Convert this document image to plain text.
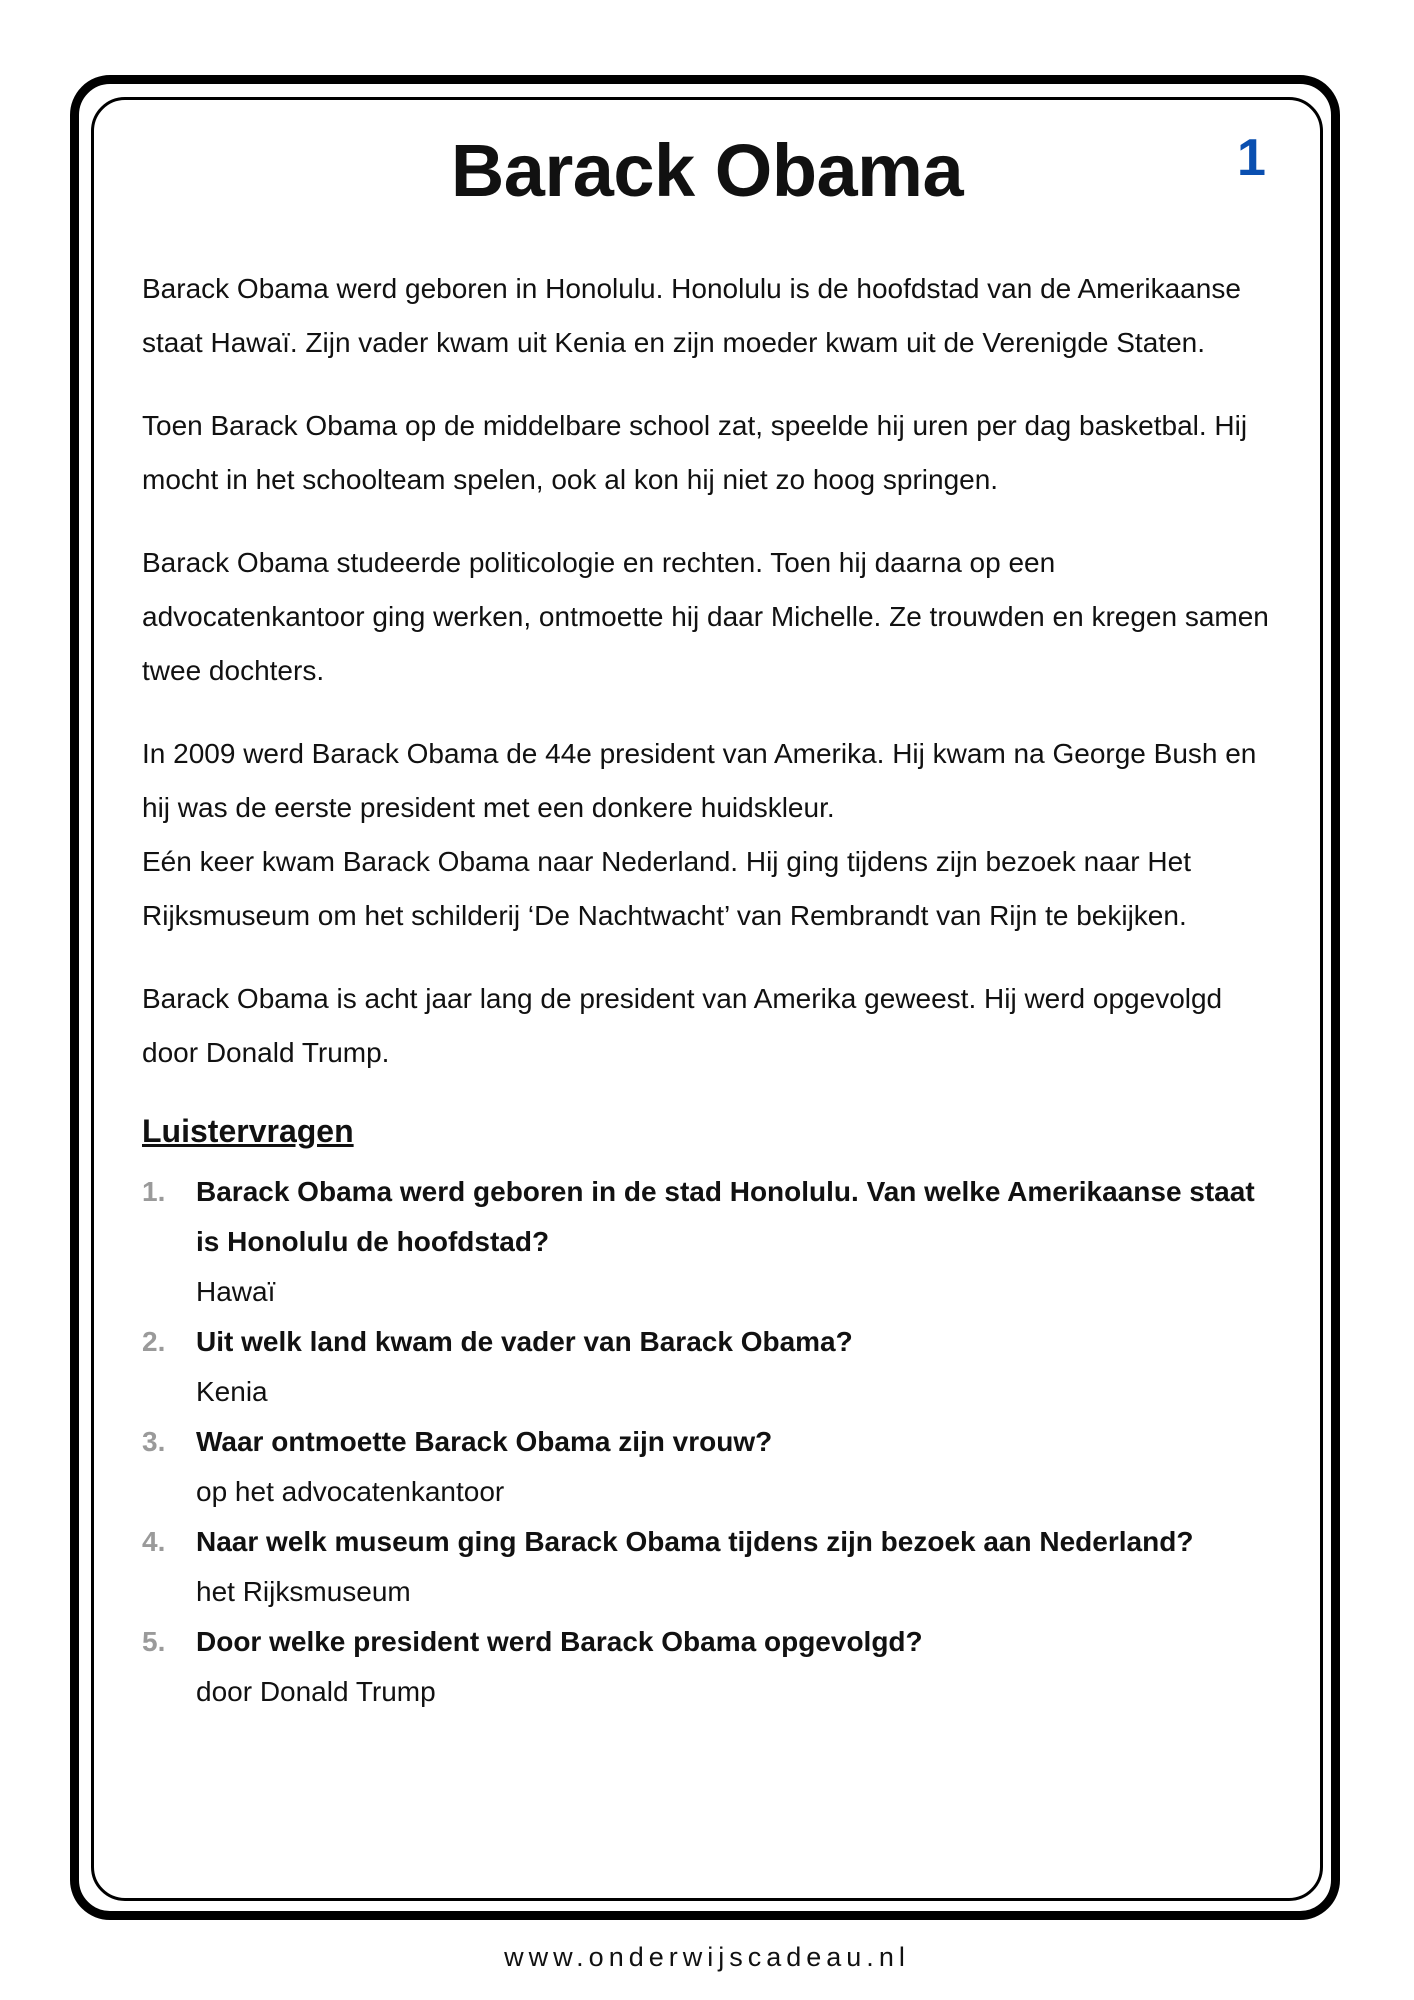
Barack Obama	1

Barack Obama werd geboren in Honolulu. Honolulu is de hoofdstad van de Amerikaanse staat Hawaï. Zijn vader kwam uit Kenia en zijn moeder kwam uit de Verenigde Staten.

Toen Barack Obama op de middelbare school zat, speelde hij uren per dag basketbal. Hij mocht in het schoolteam spelen, ook al kon hij niet zo hoog springen.

Barack Obama studeerde politicologie en rechten. Toen hij daarna op een advocatenkantoor ging werken, ontmoette hij daar Michelle. Ze trouwden en kregen samen twee dochters.

In 2009 werd Barack Obama de 44e president van Amerika. Hij kwam na George Bush en hij was de eerste president met een donkere huidskleur.

Eén keer kwam Barack Obama naar Nederland. Hij ging tijdens zijn bezoek naar Het Rijksmuseum om het schilderij ‘De Nachtwacht’ van Rembrandt van Rijn te bekijken.

Barack Obama is acht jaar lang de president van Amerika geweest. Hij werd opgevolgd door Donald Trump.

Luistervragen
1. Barack Obama werd geboren in de stad Honolulu. Van welke Amerikaanse staat is Honolulu de hoofdstad?
Hawaï
2. Uit welk land kwam de vader van Barack Obama?
Kenia
3. Waar ontmoette Barack Obama zijn vrouw?
op het advocatenkantoor
4. Naar welk museum ging Barack Obama tijdens zijn bezoek aan Nederland?
het Rijksmuseum
5. Door welke president werd Barack Obama opgevolgd?
door Donald Trump
www.onderwijscadeau.nl
